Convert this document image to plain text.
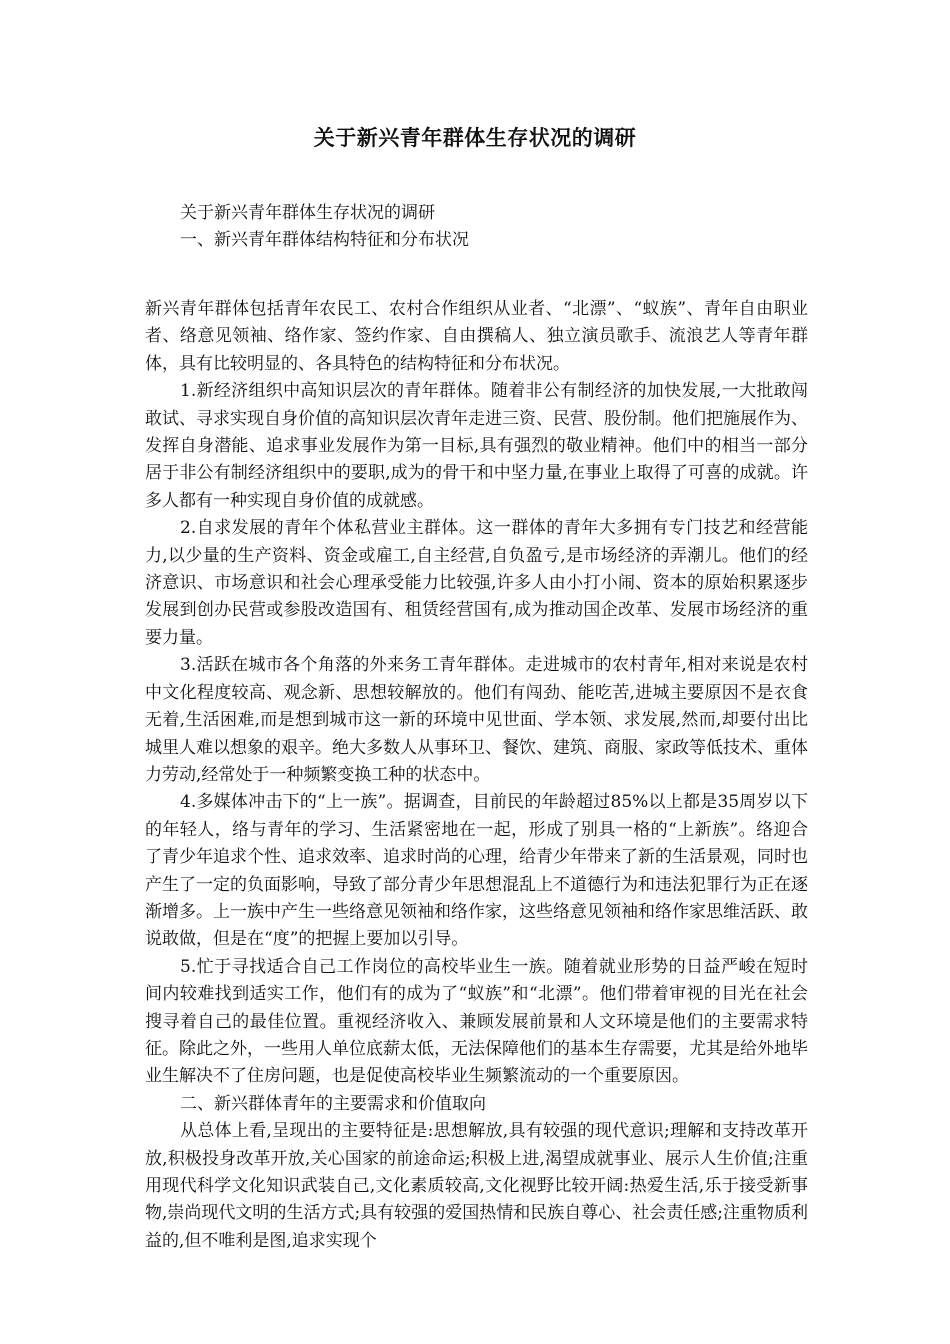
关于新兴青年群体生存状况的调研

关于新兴青年群体生存状况的调研

一、新兴青年群体结构特征和分布状况

新兴青年群体包括青年农民工、农村合作组织从业者、“北漂”、“蚁族”、青年自由职业者、络意见领袖、络作家、签约作家、自由撰稿人、独立演员歌手、流浪艺人等青年群体，具有比较明显的、各具特色的结构特征和分布状况。

1.新经济组织中高知识层次的青年群体。随着非公有制经济的加快发展,一大批敢闯敢试、寻求实现自身价值的高知识层次青年走进三资、民营、股份制。他们把施展作为、发挥自身潜能、追求事业发展作为第一目标,具有强烈的敬业精神。他们中的相当一部分居于非公有制经济组织中的要职,成为的骨干和中坚力量,在事业上取得了可喜的成就。许多人都有一种实现自身价值的成就感。

2.自求发展的青年个体私营业主群体。这一群体的青年大多拥有专门技艺和经营能力,以少量的生产资料、资金或雇工,自主经营,自负盈亏,是市场经济的弄潮儿。他们的经济意识、市场意识和社会心理承受能力比较强,许多人由小打小闹、资本的原始积累逐步发展到创办民营或参股改造国有、租赁经营国有,成为推动国企改革、发展市场经济的重要力量。

3.活跃在城市各个角落的外来务工青年群体。走进城市的农村青年,相对来说是农村中文化程度较高、观念新、思想较解放的。他们有闯劲、能吃苦,进城主要原因不是衣食无着,生活困难,而是想到城市这一新的环境中见世面、学本领、求发展,然而,却要付出比城里人难以想象的艰辛。绝大多数人从事环卫、餐饮、建筑、商服、家政等低技术、重体力劳动,经常处于一种频繁变换工种的状态中。

4.多媒体冲击下的“上一族”。据调查，目前民的年龄超过85%以上都是35周岁以下的年轻人，络与青年的学习、生活紧密地在一起，形成了别具一格的“上新族”。络迎合了青少年追求个性、追求效率、追求时尚的心理，给青少年带来了新的生活景观，同时也产生了一定的负面影响，导致了部分青少年思想混乱上不道德行为和违法犯罪行为正在逐渐增多。上一族中产生一些络意见领袖和络作家，这些络意见领袖和络作家思维活跃、敢说敢做，但是在“度”的把握上要加以引导。

5.忙于寻找适合自己工作岗位的高校毕业生一族。随着就业形势的日益严峻在短时间内较难找到适实工作，他们有的成为了“蚁族”和“北漂”。他们带着审视的目光在社会搜寻着自己的最佳位置。重视经济收入、兼顾发展前景和人文环境是他们的主要需求特征。除此之外，一些用人单位底薪太低，无法保障他们的基本生存需要，尤其是给外地毕业生解决不了住房问题，也是促使高校毕业生频繁流动的一个重要原因。

二、新兴群体青年的主要需求和价值取向

从总体上看,呈现出的主要特征是:思想解放,具有较强的现代意识;理解和支持改革开放,积极投身改革开放,关心国家的前途命运;积极上进,渴望成就事业、展示人生价值;注重用现代科学文化知识武装自己,文化素质较高,文化视野比较开阔:热爱生活,乐于接受新事物,崇尚现代文明的生活方式;具有较强的爱国热情和民族自尊心、社会责任感;注重物质利益的,但不唯利是图,追求实现个
